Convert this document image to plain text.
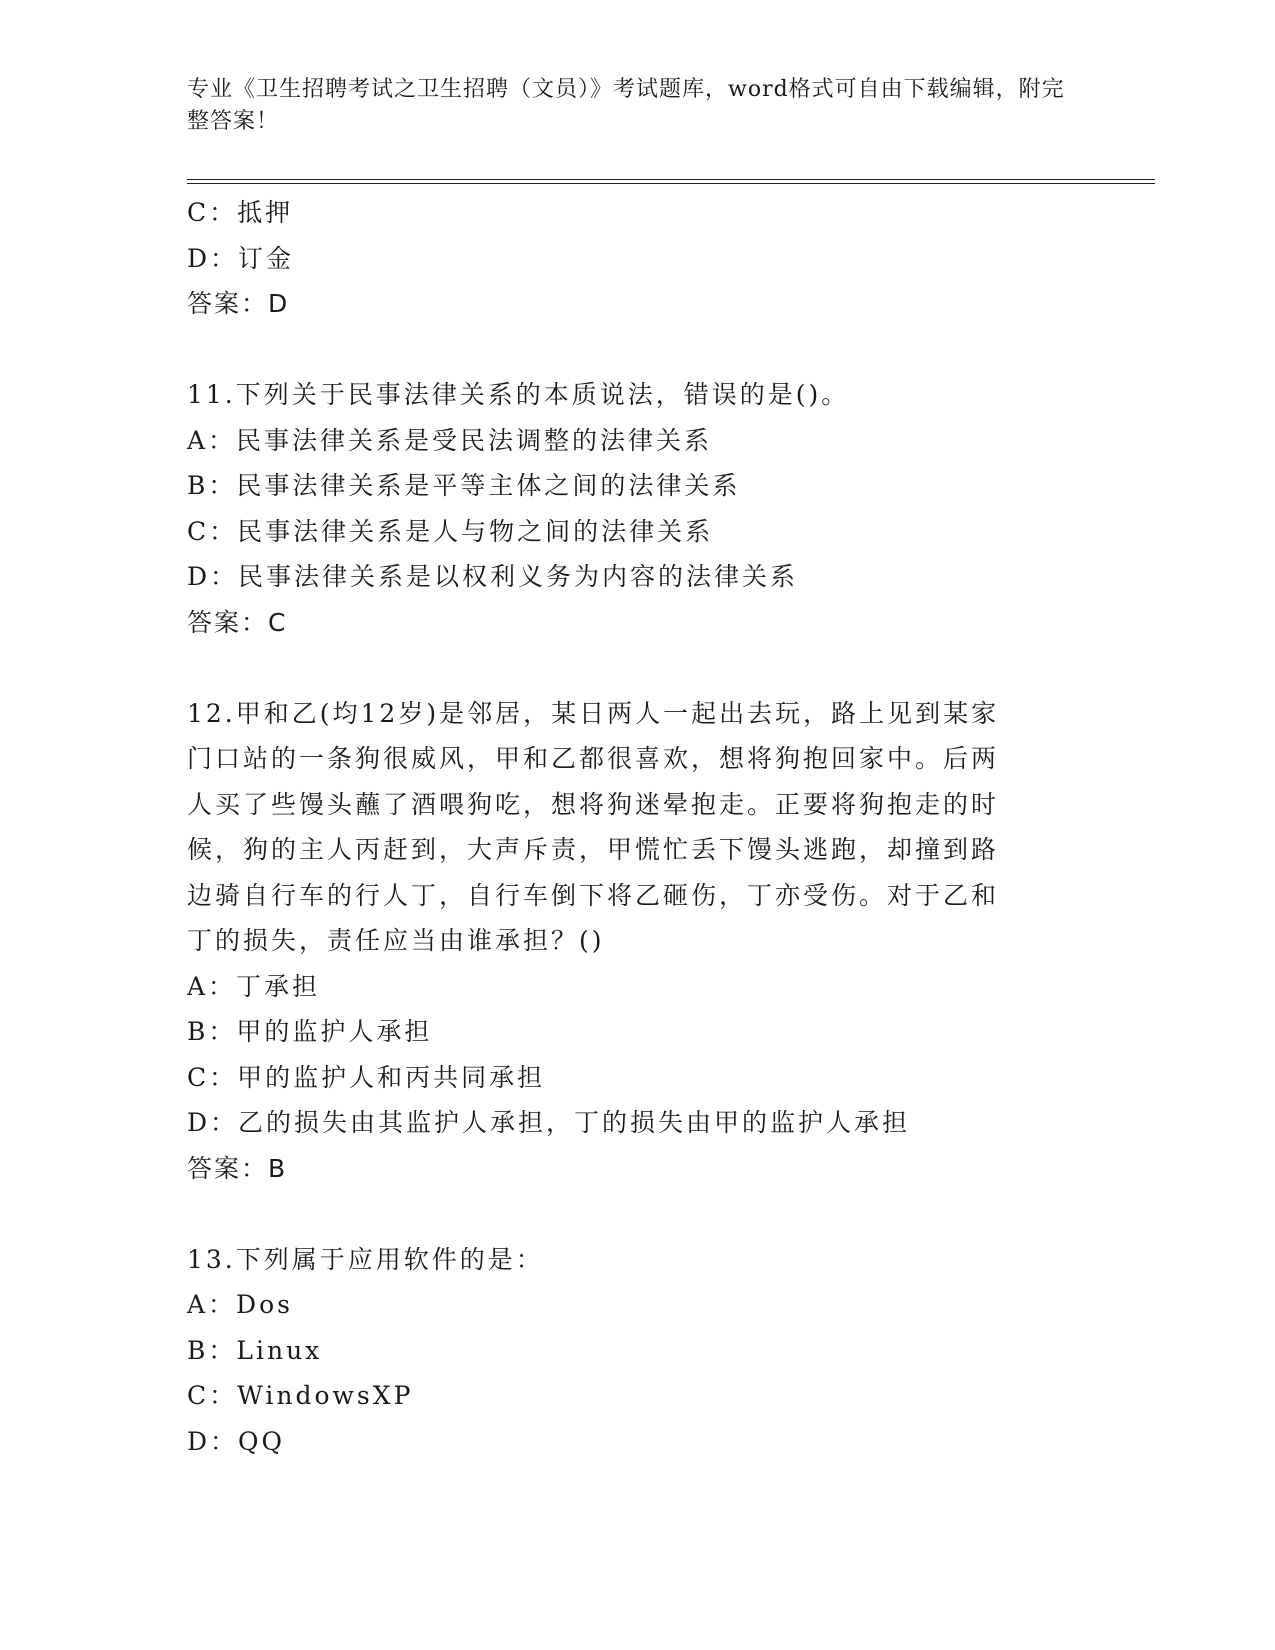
专业《卫生招聘考试之卫生招聘（文员）》考试题库，word格式可自由下载编辑，附完整答案！
C：抵押
D：订金
答案：D
11.下列关于民事法律关系的本质说法，错误的是()。
A：民事法律关系是受民法调整的法律关系
B：民事法律关系是平等主体之间的法律关系
C：民事法律关系是人与物之间的法律关系
D：民事法律关系是以权利义务为内容的法律关系
答案：C
12.甲和乙(均12岁)是邻居，某日两人一起出去玩，路上见到某家门口站的一条狗很威风，甲和乙都很喜欢，想将狗抱回家中。后两人买了些馒头蘸了酒喂狗吃，想将狗迷晕抱走。正要将狗抱走的时候，狗的主人丙赶到，大声斥责，甲慌忙丢下馒头逃跑，却撞到路边骑自行车的行人丁，自行车倒下将乙砸伤，丁亦受伤。对于乙和丁的损失，责任应当由谁承担？()
A：丁承担
B：甲的监护人承担
C：甲的监护人和丙共同承担
D：乙的损失由其监护人承担，丁的损失由甲的监护人承担
答案：B
13.下列属于应用软件的是：
A：Dos
B：Linux
C：WindowsXP
D：QQ
